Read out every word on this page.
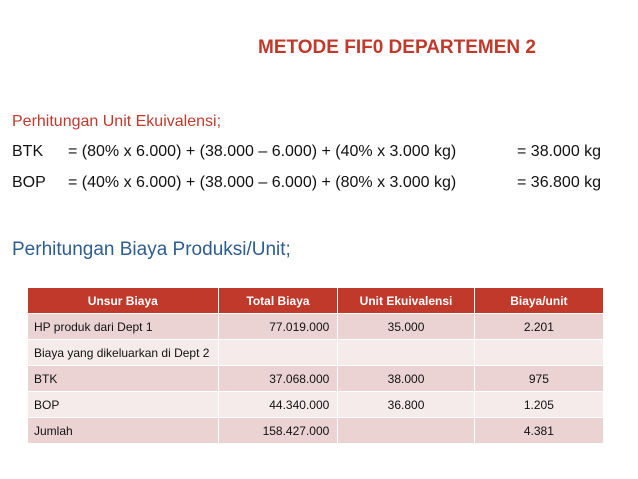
METODE FIF0 DEPARTEMEN 2
Perhitungan Unit Ekuivalensi;
BTK = (80% x 6.000) + (38.000 – 6.000) + (40% x 3.000 kg)	= 38.000 kg
BOP = (40% x 6.000) + (38.000 – 6.000) + (80% x 3.000 kg)	= 36.800 kg
Perhitungan Biaya Produksi/Unit;
Unsur Biaya	Total Biaya	Unit Ekuivalensi	Biaya/unit
HP produk dari Dept 1	77.019.000	35.000	2.201
Biaya yang dikeluarkan di Dept 2			
BTK	37.068.000	38.000	975
BOP	44.340.000	36.800	1.205
Jumlah	158.427.000		4.381
